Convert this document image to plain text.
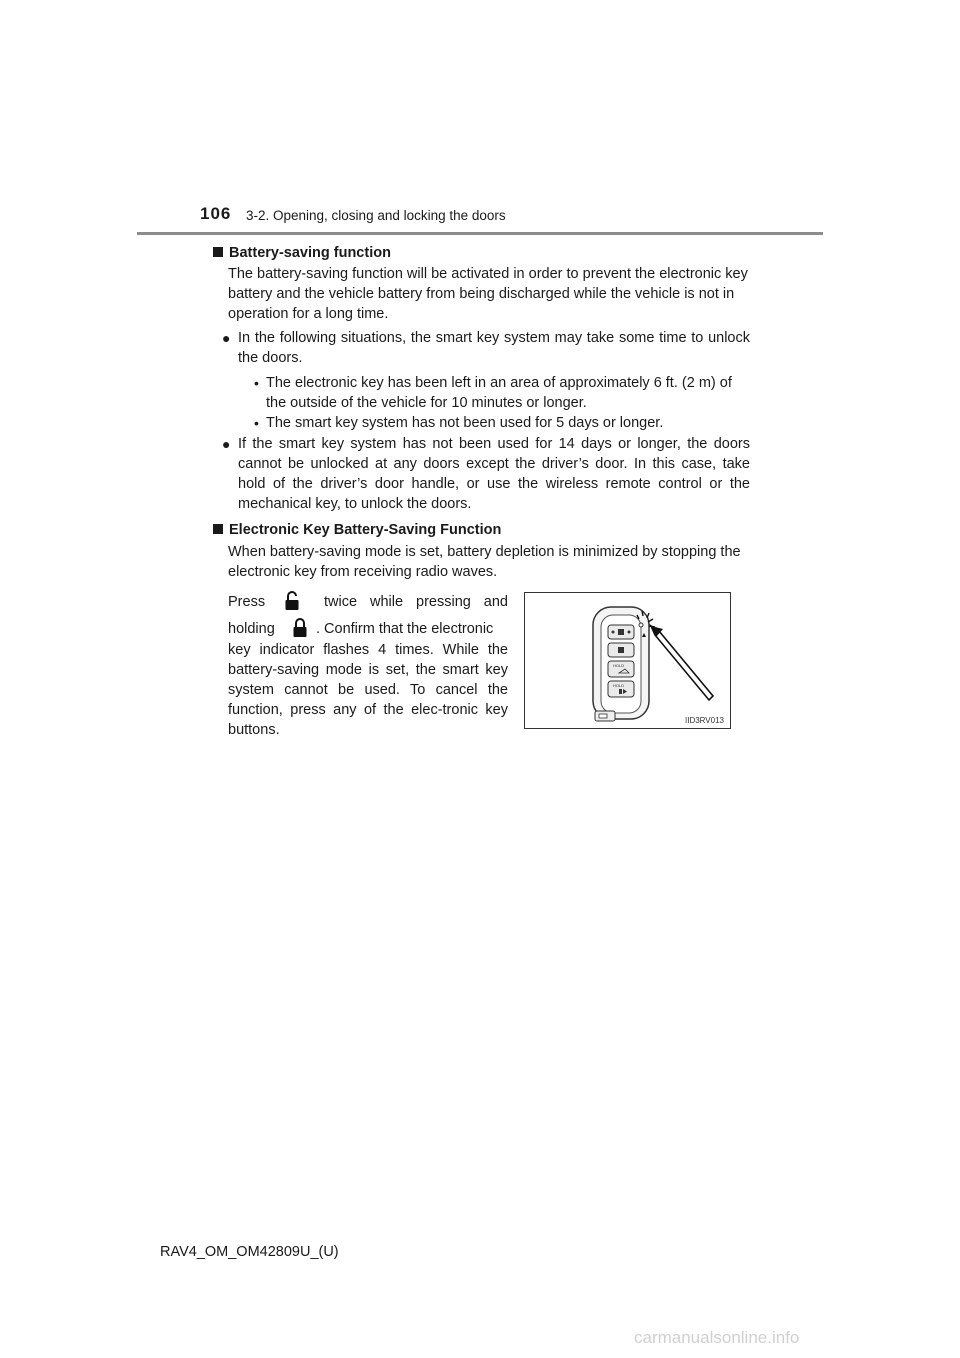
106 3-2. Opening, closing and locking the doors
Battery-saving function
The battery-saving function will be activated in order to prevent the electronic key battery and the vehicle battery from being discharged while the vehicle is not in operation for a long time.
● In the following situations, the smart key system may take some time to unlock the doors.
• The electronic key has been left in an area of approximately 6 ft. (2 m) of the outside of the vehicle for 10 minutes or longer.
• The smart key system has not been used for 5 days or longer.
● If the smart key system has not been used for 14 days or longer, the doors cannot be unlocked at any doors except the driver’s door. In this case, take hold of the driver’s door handle, or use the wireless remote control or the mechanical key, to unlock the doors.
Electronic Key Battery-Saving Function
When battery-saving mode is set, battery depletion is minimized by stopping the electronic key from receiving radio waves.
Press	twice while pressing and
holding	. Confirm that the electronic
key indicator flashes 4 times. While the battery-saving mode is set, the smart key system cannot be used. To cancel the function, press any of the elec-tronic key buttons.
HOLD
HOLD
IID3RV013
RAV4_OM_OM42809U_(U)
carmanualsonline.info
